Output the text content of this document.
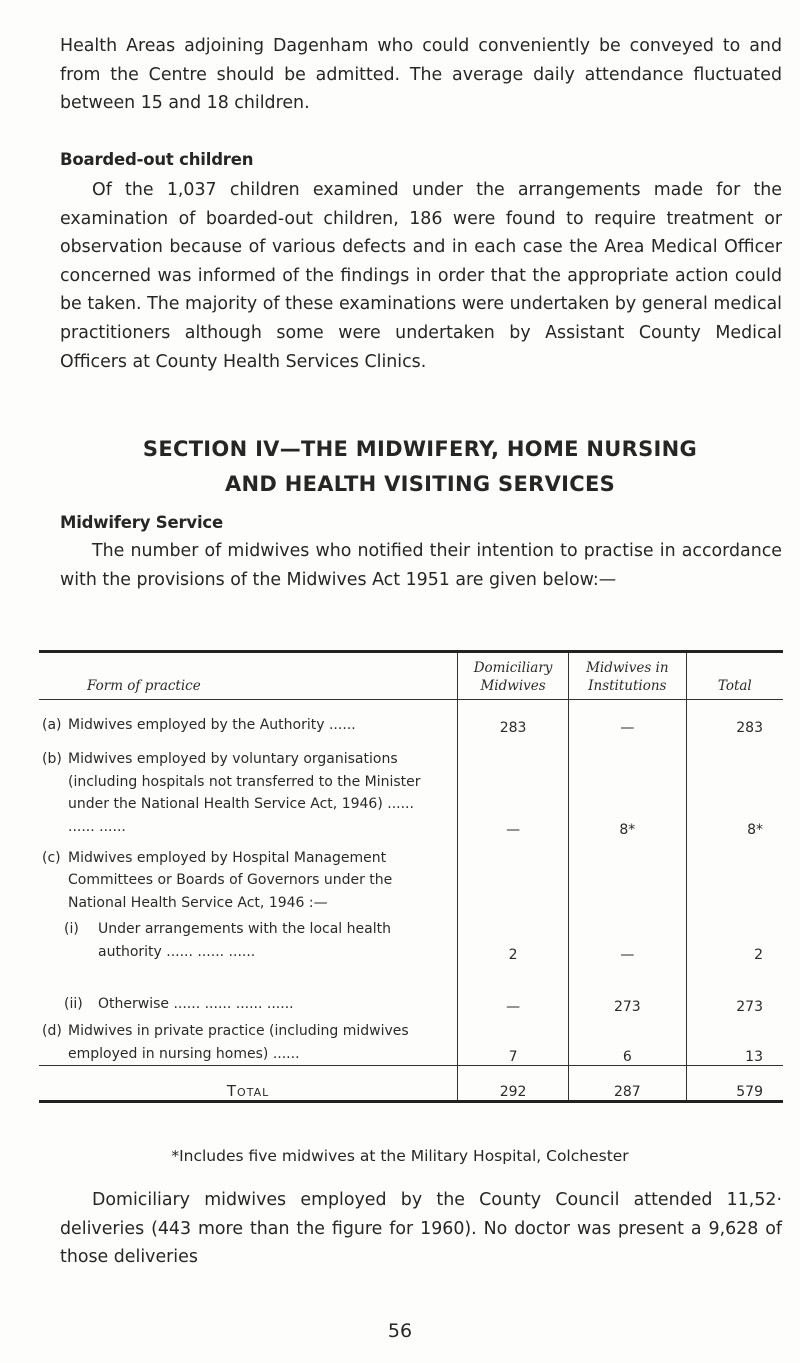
Health Areas adjoining Dagenham who could conveniently be conveyed to and from the Centre should be admitted. The average daily attendance fluctuated between 15 and 18 children.

Boarded-out children

Of the 1,037 children examined under the arrangements made for the examination of boarded-out children, 186 were found to require treatment or observation because of various defects and in each case the Area Medical Officer concerned was informed of the findings in order that the appropriate action could be taken. The majority of these examinations were undertaken by general medical practitioners although some were undertaken by Assistant County Medical Officers at County Health Services Clinics.

SECTION IV—THE MIDWIFERY, HOME NURSING

AND HEALTH VISITING SERVICES

Midwifery Service

The number of midwives who notified their intention to practise in accordance with the provisions of the Midwives Act 1951 are given below:—

Form of practice	Domiciliary Midwives	Midwives in Institutions	Total

(a) Midwives employed by the Authority ......	283	—	283

(b) Midwives employed by voluntary organisations (including hospitals not transferred to the Minister under the National Health Service Act, 1946) ...... ...... ......	—	8*	8*

(c) Midwives employed by Hospital Management Committees or Boards of Governors under the National Health Service Act, 1946 :—
(i) Under arrangements with the local health authority ...... ...... ......	2	—	2

(ii) Otherwise ...... ...... ...... ......	—	273	273

(d) Midwives in private practice (including midwives employed in nursing homes) ......	7	6	13
Total	292	287	579

*Includes five midwives at the Military Hospital, Colchester

Domiciliary midwives employed by the County Council attended 11,52· deliveries (443 more than the figure for 1960). No doctor was present a 9,628 of those deliveries

56
